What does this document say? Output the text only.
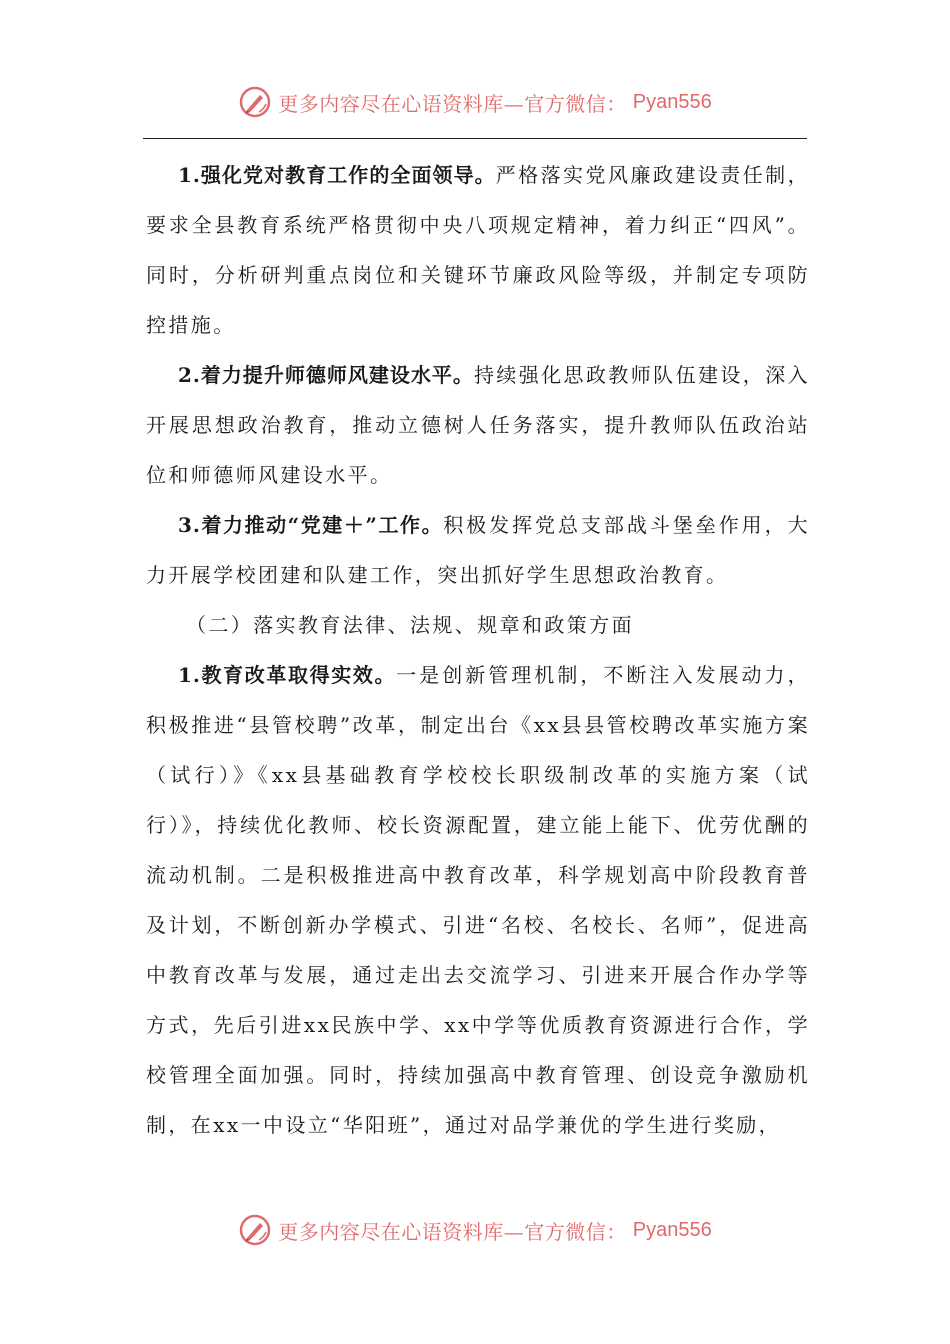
更多内容尽在心语资料库—官方微信： Pyan556

1.强化党对教育工作的全面领导。严格落实党风廉政建设责任制，要求全县教育系统严格贯彻中央八项规定精神，着力纠正“四风”。同时，分析研判重点岗位和关键环节廉政风险等级，并制定专项防控措施。

2.着力提升师德师风建设水平。持续强化思政教师队伍建设，深入开展思想政治教育，推动立德树人任务落实，提升教师队伍政治站位和师德师风建设水平。

3.着力推动“党建＋”工作。积极发挥党总支部战斗堡垒作用，大力开展学校团建和队建工作，突出抓好学生思想政治教育。

（二）落实教育法律、法规、规章和政策方面

1.教育改革取得实效。一是创新管理机制，不断注入发展动力，积极推进“县管校聘”改革，制定出台《xx县县管校聘改革实施方案（试行）》《xx县基础教育学校校长职级制改革的实施方案（试行）》，持续优化教师、校长资源配置，建立能上能下、优劳优酬的流动机制。二是积极推进高中教育改革，科学规划高中阶段教育普及计划，不断创新办学模式、引进“名校、名校长、名师”，促进高中教育改革与发展，通过走出去交流学习、引进来开展合作办学等方式，先后引进xx民族中学、xx中学等优质教育资源进行合作，学校管理全面加强。同时，持续加强高中教育管理、创设竞争激励机制，在xx一中设立“华阳班”，通过对品学兼优的学生进行奖励，

更多内容尽在心语资料库—官方微信： Pyan556
